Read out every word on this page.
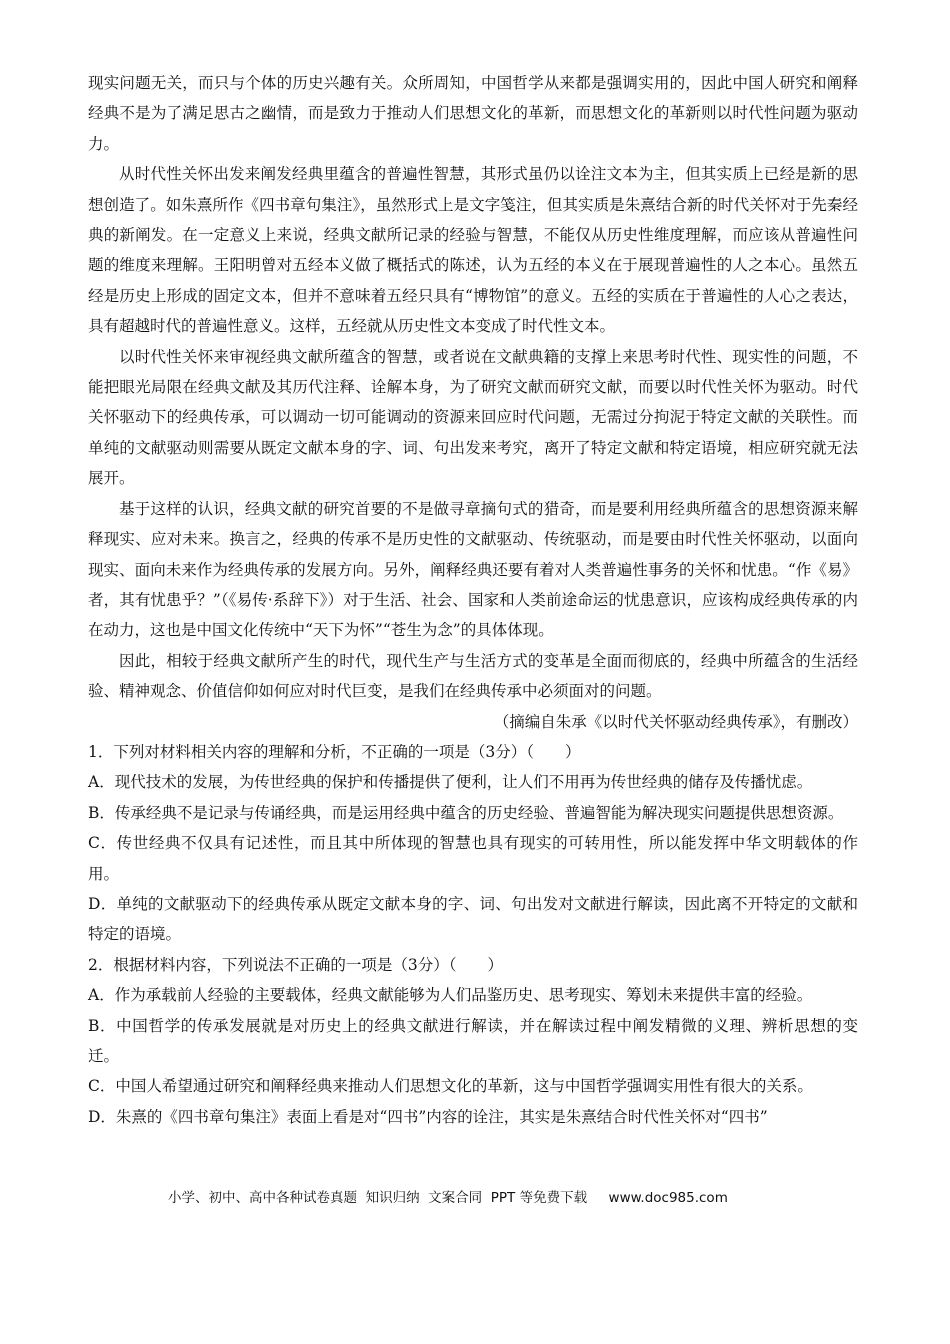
现实问题无关，而只与个体的历史兴趣有关。众所周知，中国哲学从来都是强调实用的，因此中国人研究和阐释经典不是为了满足思古之幽情，而是致力于推动人们思想文化的革新，而思想文化的革新则以时代性问题为驱动力。

从时代性关怀出发来阐发经典里蕴含的普遍性智慧，其形式虽仍以诠注文本为主，但其实质上已经是新的思想创造了。如朱熹所作《四书章句集注》，虽然形式上是文字笺注，但其实质是朱熹结合新的时代关怀对于先秦经典的新阐发。在一定意义上来说，经典文献所记录的经验与智慧，不能仅从历史性维度理解，而应该从普遍性问题的维度来理解。王阳明曾对五经本义做了概括式的陈述，认为五经的本义在于展现普遍性的人之本心。虽然五经是历史上形成的固定文本，但并不意味着五经只具有“博物馆”的意义。五经的实质在于普遍性的人心之表达，具有超越时代的普遍性意义。这样，五经就从历史性文本变成了时代性文本。

以时代性关怀来审视经典文献所蕴含的智慧，或者说在文献典籍的支撑上来思考时代性、现实性的问题，不能把眼光局限在经典文献及其历代注释、诠解本身，为了研究文献而研究文献，而要以时代性关怀为驱动。时代关怀驱动下的经典传承，可以调动一切可能调动的资源来回应时代问题，无需过分拘泥于特定文献的关联性。而单纯的文献驱动则需要从既定文献本身的字、词、句出发来考究，离开了特定文献和特定语境，相应研究就无法展开。

基于这样的认识，经典文献的研究首要的不是做寻章摘句式的猎奇，而是要利用经典所蕴含的思想资源来解释现实、应对未来。换言之，经典的传承不是历史性的文献驱动、传统驱动，而是要由时代性关怀驱动，以面向现实、面向未来作为经典传承的发展方向。另外，阐释经典还要有着对人类普遍性事务的关怀和忧患。“作《易》者，其有忧患乎？”（《易传·系辞下》）对于生活、社会、国家和人类前途命运的忧患意识，应该构成经典传承的内在动力，这也是中国文化传统中“天下为怀”“苍生为念”的具体体现。

因此，相较于经典文献所产生的时代，现代生产与生活方式的变革是全面而彻底的，经典中所蕴含的生活经验、精神观念、价值信仰如何应对时代巨变，是我们在经典传承中必须面对的问题。

（摘编自朱承《以时代关怀驱动经典传承》，有删改）

1．下列对材料相关内容的理解和分析，不正确的一项是（3分）（　　）

A．现代技术的发展，为传世经典的保护和传播提供了便利，让人们不用再为传世经典的储存及传播忧虑。

B．传承经典不是记录与传诵经典，而是运用经典中蕴含的历史经验、普遍智能为解决现实问题提供思想资源。

C．传世经典不仅具有记述性，而且其中所体现的智慧也具有现实的可转用性，所以能发挥中华文明载体的作用。

D．单纯的文献驱动下的经典传承从既定文献本身的字、词、句出发对文献进行解读，因此离不开特定的文献和特定的语境。

2．根据材料内容，下列说法不正确的一项是（3分）（　　）

A．作为承载前人经验的主要载体，经典文献能够为人们品鉴历史、思考现实、筹划未来提供丰富的经验。

B．中国哲学的传承发展就是对历史上的经典文献进行解读，并在解读过程中阐发精微的义理、辨析思想的变迁。

C．中国人希望通过研究和阐释经典来推动人们思想文化的革新，这与中国哲学强调实用性有很大的关系。

D．朱熹的《四书章句集注》表面上看是对“四书”内容的诠注，其实是朱熹结合时代性关怀对“四书”

小学、初中、高中各种试卷真题  知识归纳  文案合同  PPT 等免费下载     www.doc985.com
